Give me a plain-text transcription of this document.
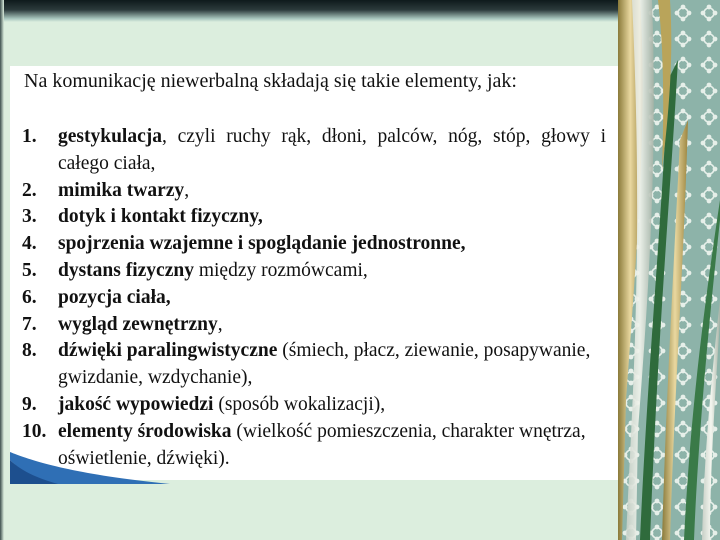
Na komunikację niewerbalną składają się takie elementy, jak:
1.	gestykulacja, czyli ruchy rąk, dłoni, palców, nóg, stóp, głowy i całego ciała,
2.	mimika twarzy,
3.	dotyk i kontakt fizyczny,
4.	spojrzenia wzajemne i spoglądanie jednostronne,
5.	dystans fizyczny między rozmówcami,
6.	pozycja ciała,
7.	wygląd zewnętrzny,
8.	dźwięki paralingwistyczne (śmiech, płacz, ziewanie, posapywanie, gwizdanie, wzdychanie),
9.	jakość wypowiedzi (sposób wokalizacji),
10. elementy środowiska (wielkość pomieszczenia, charakter wnętrza, oświetlenie, dźwięki).
